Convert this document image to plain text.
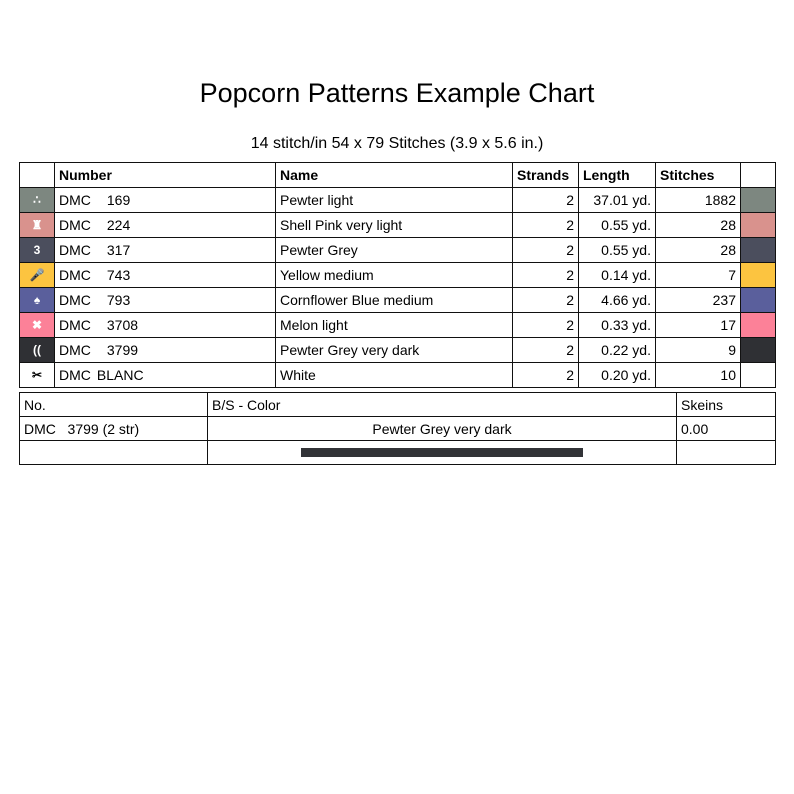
Popcorn Patterns Example Chart
14 stitch/in 54 x 79 Stitches (3.9 x 5.6 in.)
	Number	Name	Strands	Length	Stitches	
∴	DMC 169	Pewter light	2	37.01 yd.	1882	
♜	DMC 224	Shell Pink very light	2	0.55 yd.	28	
3	DMC 317	Pewter Grey	2	0.55 yd.	28	
🎤	DMC 743	Yellow medium	2	0.14 yd.	7	
♠	DMC 793	Cornflower Blue medium	2	4.66 yd.	237	
✖	DMC 3708	Melon light	2	0.33 yd.	17	
((	DMC 3799	Pewter Grey very dark	2	0.22 yd.	9	
✂	DMC BLANC	White	2	0.20 yd.	10	
No.	B/S - Color	Skeins
DMC   3799 (2 str)	Pewter Grey very dark	0.00
